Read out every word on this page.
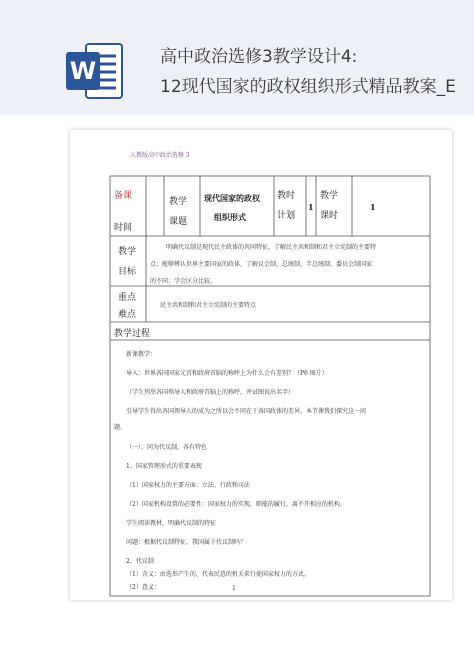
W	高中政治选修3教学设计4:
12现代国家的政权组织形式精品教案_Е
人教版高中政治选修 3
备课
时间
教学
课题
现代国家的政权
组织形式
教时
计划
1
教学
课时
1
教学
目标
明确代议制是现代民主政体的共同特征，了解民主共和制和君主立宪制的主要特
点；能够辨认世界主要国家的政体，了解议会制、总统制、半总统制、委员会制国家
的不同；学会区分比较。
重点
难点
民主共和制和君主立宪制的主要特点
教学过程
新课教学：
导入：世界各国国家元首和政府首脑的称呼上为什么会有差别？（P6 图片）
（学生列举各国领导人和政府首脑上的称呼，并试图说出名字）
引导学生得出各国领导人的成为之所以会不同在于各国政体的差异。本节课我们探究这一问
题。
（一）、同为代议制，各有特色
1、国家管理形式的重要表现
（1）国家权力的主要方面：立法、行政和司法
（2）国家机构设置的必要性：国家权力的实现，职能的履行，离不开相应的机构。
学生阅读教材，明确代议制的特征
问题：根据代议制特征，我国属于代议制吗？
2、代议制
（1）含义：由选举产生的、代表民意的机关来行使国家权力的方式。
（2）意义：	1
